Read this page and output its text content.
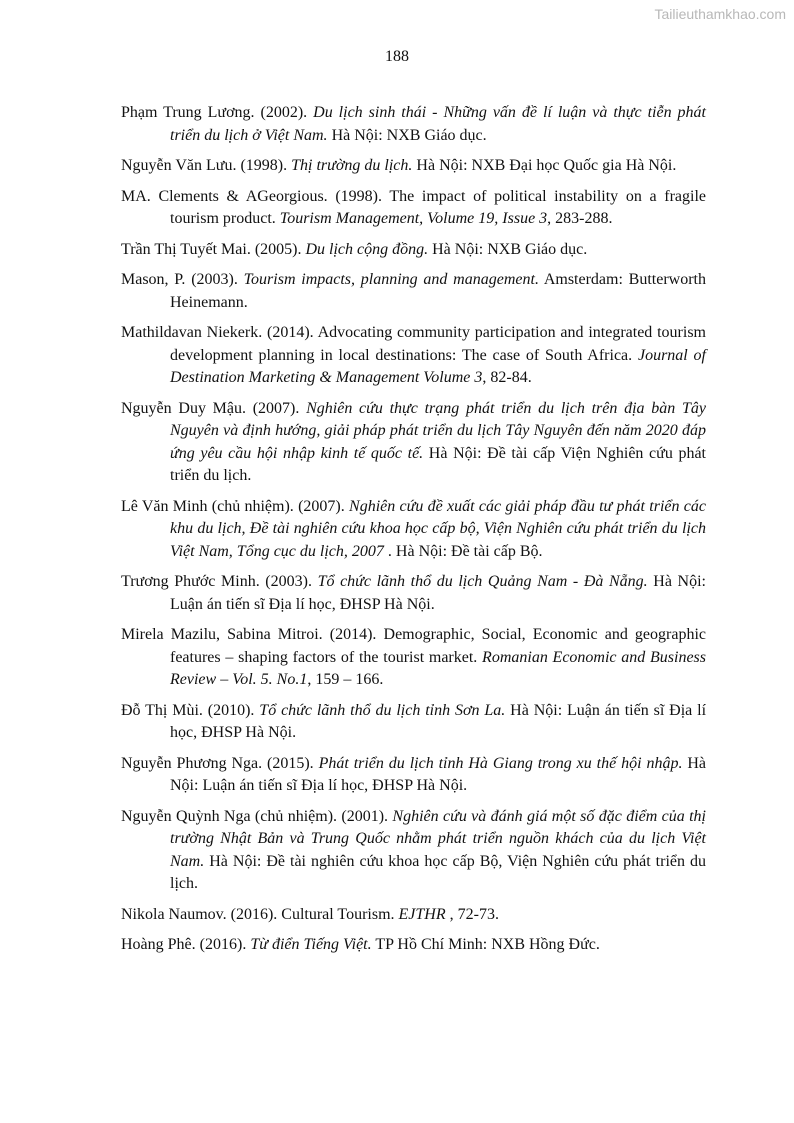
Tailieuthamkhao.com
188

Phạm Trung Lương. (2002). Du lịch sinh thái - Những vấn đề lí luận và thực tiễn phát triển du lịch ở Việt Nam. Hà Nội: NXB Giáo dục.

Nguyễn Văn Lưu. (1998). Thị trường du lịch. Hà Nội: NXB Đại học Quốc gia Hà Nội.

MA. Clements & AGeorgious. (1998). The impact of political instability on a fragile tourism product. Tourism Management, Volume 19, Issue 3, 283-288.

Trần Thị Tuyết Mai. (2005). Du lịch cộng đồng. Hà Nội: NXB Giáo dục.

Mason, P. (2003). Tourism impacts, planning and management. Amsterdam: Butterworth Heinemann.

Mathildavan Niekerk. (2014). Advocating community participation and integrated tourism development planning in local destinations: The case of South Africa. Journal of Destination Marketing & Management Volume 3, 82-84.

Nguyễn Duy Mậu. (2007). Nghiên cứu thực trạng phát triển du lịch trên địa bàn Tây Nguyên và định hướng, giải pháp phát triển du lịch Tây Nguyên đến năm 2020 đáp ứng yêu cầu hội nhập kinh tế quốc tế. Hà Nội: Đề tài cấp Viện Nghiên cứu phát triển du lịch.

Lê Văn Minh (chủ nhiệm). (2007). Nghiên cứu đề xuất các giải pháp đầu tư phát triển các khu du lịch, Đề tài nghiên cứu khoa học cấp bộ, Viện Nghiên cứu phát triển du lịch Việt Nam, Tổng cục du lịch, 2007 . Hà Nội: Đề tài cấp Bộ.

Trương Phước Minh. (2003). Tổ chức lãnh thổ du lịch Quảng Nam - Đà Nẵng. Hà Nội: Luận án tiến sĩ Địa lí học, ĐHSP Hà Nội.

Mirela Mazilu, Sabina Mitroi. (2014). Demographic, Social, Economic and geographic features – shaping factors of the tourist market. Romanian Economic and Business Review – Vol. 5. No.1, 159 – 166.

Đỗ Thị Mùi. (2010). Tổ chức lãnh thổ du lịch tỉnh Sơn La. Hà Nội: Luận án tiến sĩ Địa lí học, ĐHSP Hà Nội.

Nguyễn Phương Nga. (2015). Phát triển du lịch tỉnh Hà Giang trong xu thế hội nhập. Hà Nội: Luận án tiến sĩ Địa lí học, ĐHSP Hà Nội.

Nguyễn Quỳnh Nga (chủ nhiệm). (2001). Nghiên cứu và đánh giá một số đặc điểm của thị trường Nhật Bản và Trung Quốc nhằm phát triển nguồn khách của du lịch Việt Nam. Hà Nội: Đề tài nghiên cứu khoa học cấp Bộ, Viện Nghiên cứu phát triển du lịch.

Nikola Naumov. (2016). Cultural Tourism. EJTHR , 72-73.

Hoàng Phê. (2016). Từ điển Tiếng Việt. TP Hồ Chí Minh: NXB Hồng Đức.
